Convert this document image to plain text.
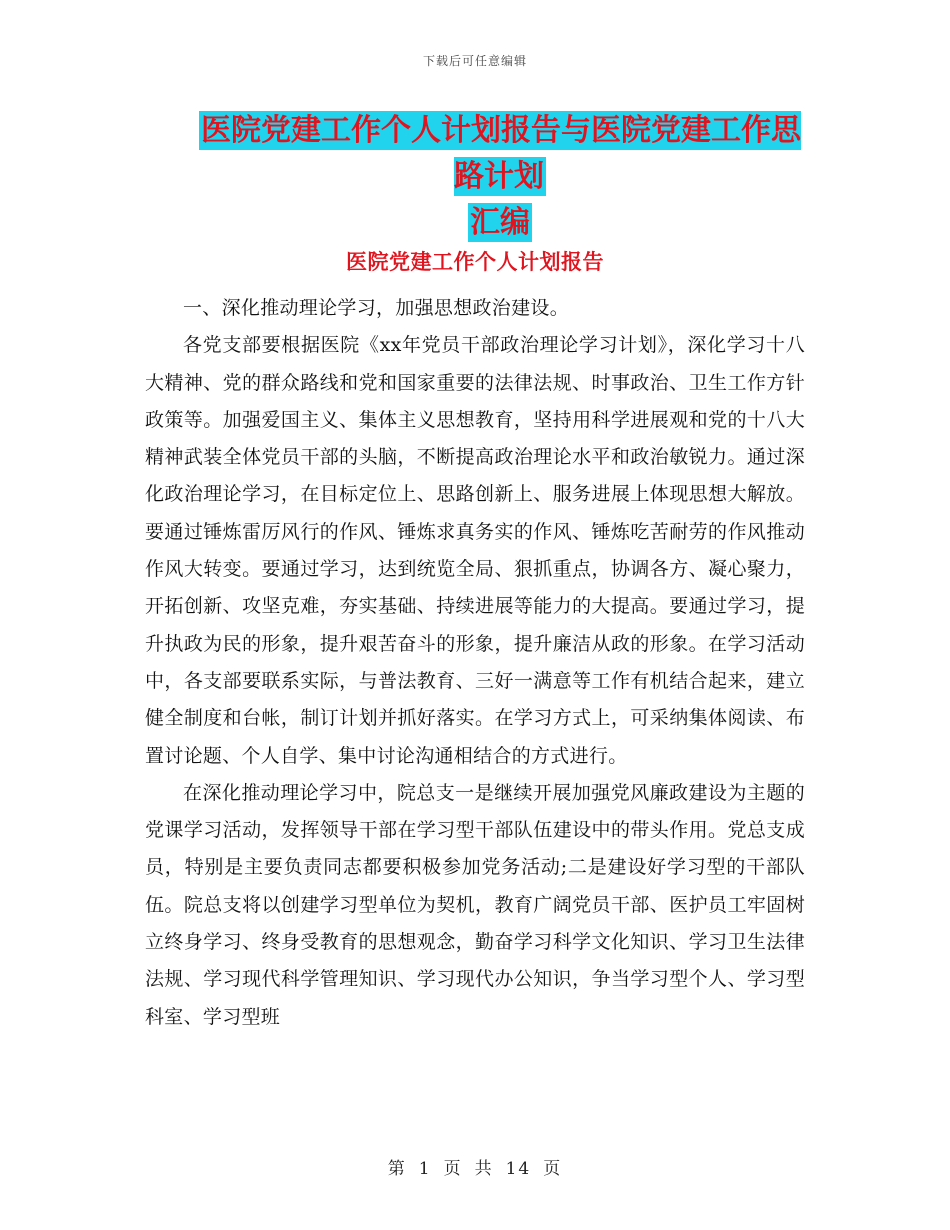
下载后可任意编辑
医院党建工作个人计划报告与医院党建工作思路计划
汇编
医院党建工作个人计划报告

一、深化推动理论学习，加强思想政治建设。

各党支部要根据医院《xx年党员干部政治理论学习计划》，深化学习十八大精神、党的群众路线和党和国家重要的法律法规、时事政治、卫生工作方针政策等。加强爱国主义、集体主义思想教育，坚持用科学进展观和党的十八大精神武装全体党员干部的头脑，不断提高政治理论水平和政治敏锐力。通过深化政治理论学习，在目标定位上、思路创新上、服务进展上体现思想大解放。要通过锤炼雷厉风行的作风、锤炼求真务实的作风、锤炼吃苦耐劳的作风推动作风大转变。要通过学习，达到统览全局、狠抓重点，协调各方、凝心聚力，开拓创新、攻坚克难，夯实基础、持续进展等能力的大提高。要通过学习，提升执政为民的形象，提升艰苦奋斗的形象，提升廉洁从政的形象。在学习活动中，各支部要联系实际，与普法教育、三好一满意等工作有机结合起来，建立健全制度和台帐，制订计划并抓好落实。在学习方式上，可采纳集体阅读、布置讨论题、个人自学、集中讨论沟通相结合的方式进行。

在深化推动理论学习中，院总支一是继续开展加强党风廉政建设为主题的党课学习活动，发挥领导干部在学习型干部队伍建设中的带头作用。党总支成员，特别是主要负责同志都要积极参加党务活动;二是建设好学习型的干部队伍。院总支将以创建学习型单位为契机，教育广阔党员干部、医护员工牢固树立终身学习、终身受教育的思想观念，勤奋学习科学文化知识、学习卫生法律法规、学习现代科学管理知识、学习现代办公知识，争当学习型个人、学习型科室、学习型班

第 1 页 共 14 页
